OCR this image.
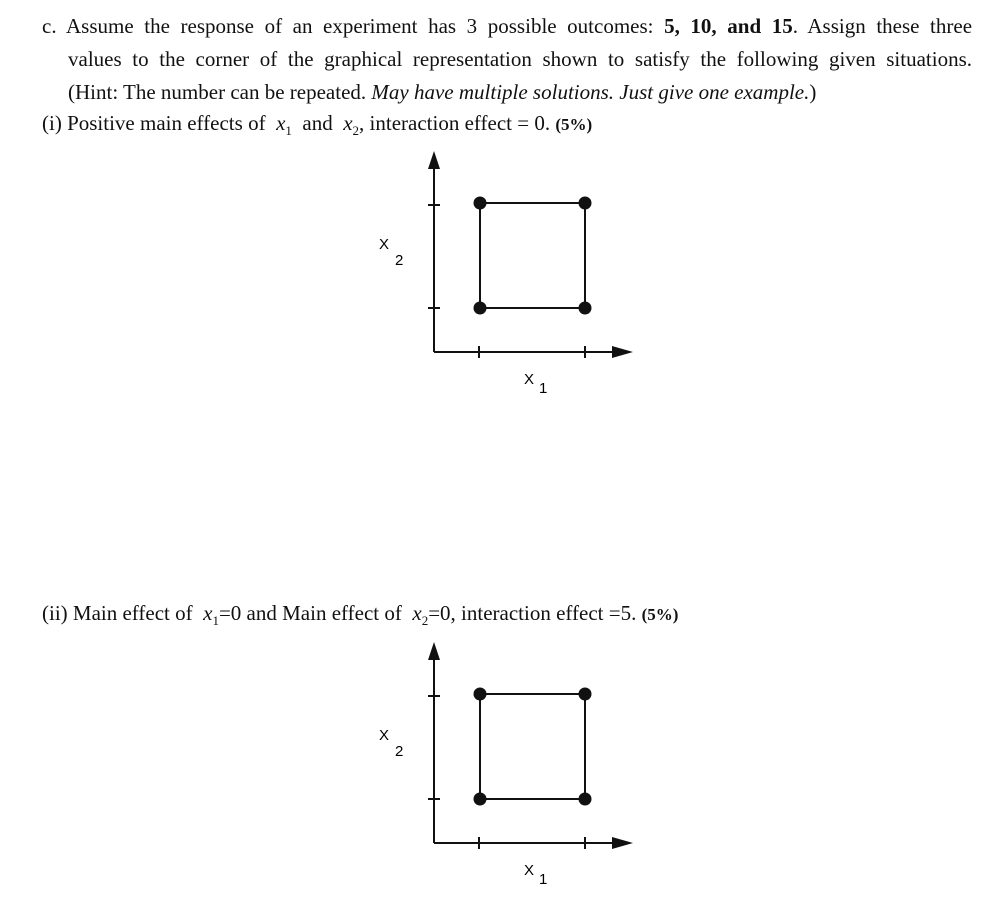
c. Assume the response of an experiment has 3 possible outcomes: 5, 10, and 15. Assign these three
values to the corner of the graphical representation shown to satisfy the following given situations.
(Hint: The number can be repeated. May have multiple solutions. Just give one example.)
(i) Positive main effects of $x_1$ and $x_2$, interaction effect = 0. (5%)
X
2
X
1
(ii) Main effect of $x_1=0$ and Main effect of $x_2=0$, interaction effect =5. (5%)
X
2
X
1
